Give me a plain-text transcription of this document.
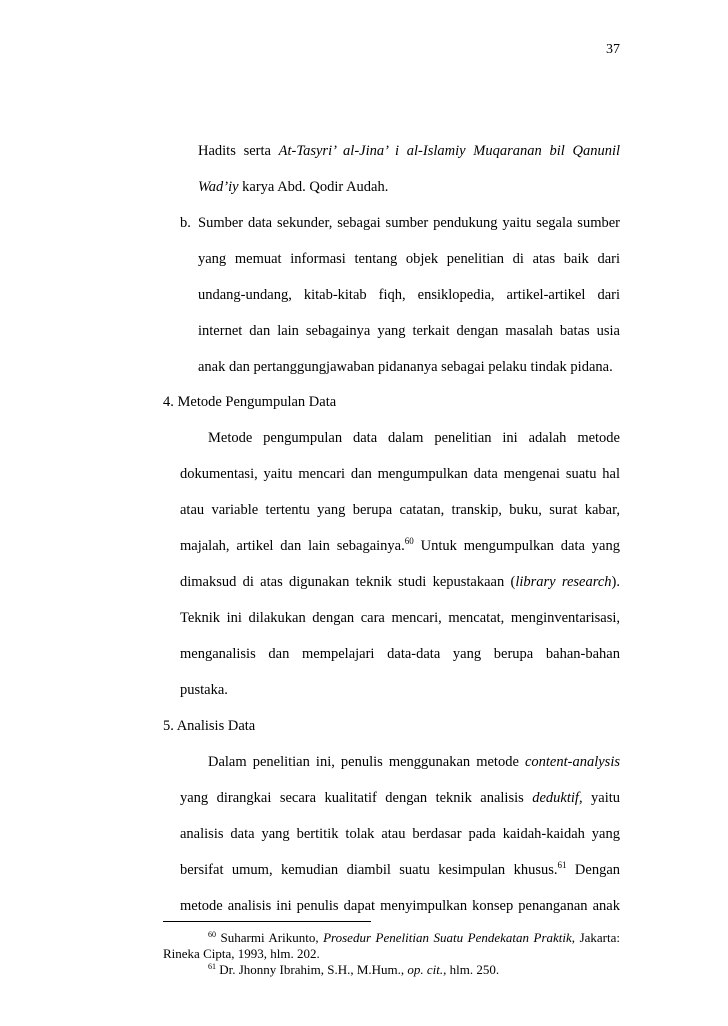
37
Hadits serta At-Tasyri’ al-Jina’ i al-Islamiy Muqaranan bil Qanunil
Wad’iy karya Abd. Qodir Audah.
b. Sumber data sekunder, sebagai sumber pendukung yaitu segala sumber
yang memuat informasi tentang objek penelitian di atas baik dari
undang-undang, kitab-kitab fiqh, ensiklopedia, artikel-artikel dari
internet dan lain sebagainya yang terkait dengan masalah batas usia
anak dan pertanggungjawaban pidananya sebagai pelaku tindak pidana.
4. Metode Pengumpulan Data
Metode pengumpulan data dalam penelitian ini adalah metode
dokumentasi, yaitu mencari dan mengumpulkan data mengenai suatu hal
atau variable tertentu yang berupa catatan, transkip, buku, surat kabar,
majalah, artikel dan lain sebagainya.$^{60}$ Untuk mengumpulkan data yang
dimaksud di atas digunakan teknik studi kepustakaan (library research).
Teknik ini dilakukan dengan cara mencari, mencatat, menginventarisasi,
menganalisis dan mempelajari data-data yang berupa bahan-bahan
pustaka.
5. Analisis Data
Dalam penelitian ini, penulis menggunakan metode content-analysis
yang dirangkai secara kualitatif dengan teknik analisis deduktif, yaitu
analisis data yang bertitik tolak atau berdasar pada kaidah-kaidah yang
bersifat umum, kemudian diambil suatu kesimpulan khusus.$^{61}$ Dengan
metode analisis ini penulis dapat menyimpulkan konsep penanganan anak
$^{60}$ Suharmi Arikunto, Prosedur Penelitian Suatu Pendekatan Praktik, Jakarta:
Rineka Cipta, 1993, hlm. 202.
$^{61}$ Dr. Jhonny Ibrahim, S.H., M.Hum., op. cit., hlm. 250.
